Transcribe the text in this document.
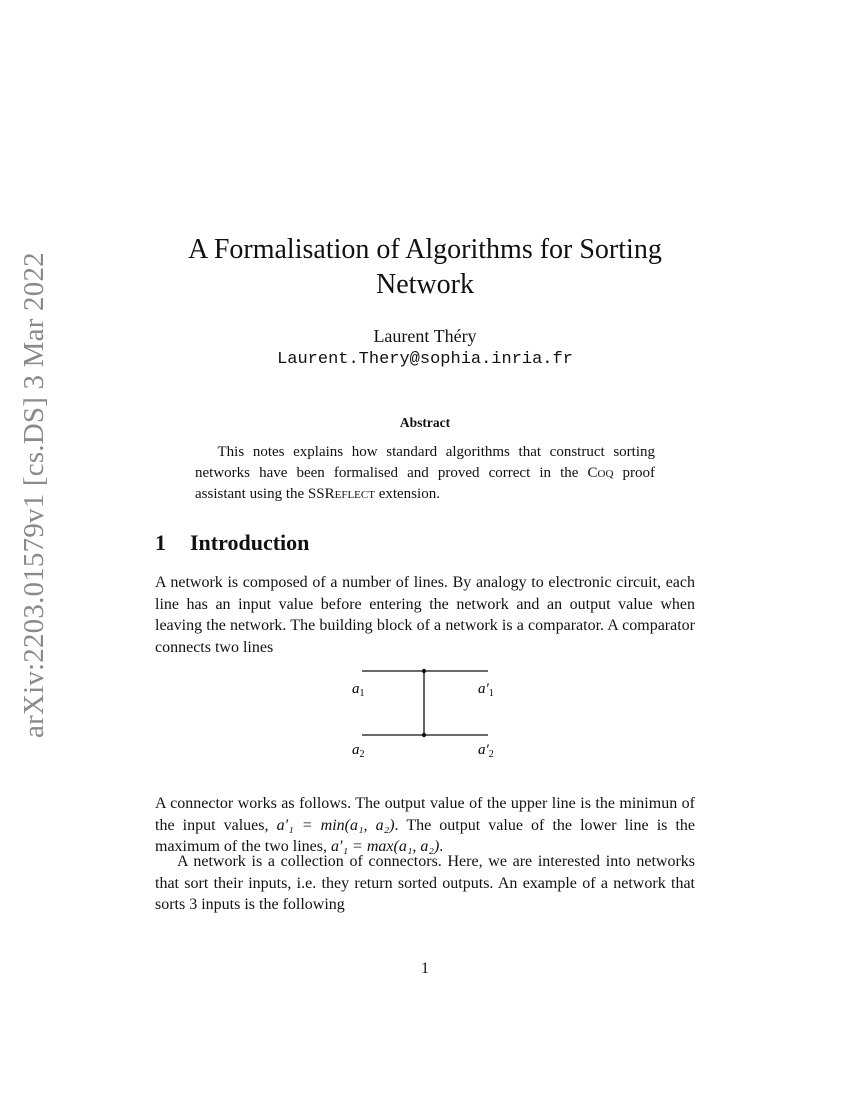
arXiv:2203.01579v1 [cs.DS] 3 Mar 2022
A Formalisation of Algorithms for Sorting Network
Laurent Théry
Laurent.Thery@sophia.inria.fr
Abstract
  This notes explains how standard algorithms that construct sorting networks have been formalised and proved correct in the Coq proof assistant using the SSReflect extension.
1 Introduction
A network is composed of a number of lines. By analogy to electronic circuit, each line has an input value before entering the network and an output value when leaving the network. The building block of a network is a comparator. A comparator connects two lines
$a_1$	$a'_1$
$a_2$	$a'_2$
A connector works as follows. The output value of the upper line is the minimun of the input values, a′₁ = min(a₁, a₂). The output value of the lower line is the maximum of the two lines, a′₁ = max(a₁, a₂).
A network is a collection of connectors. Here, we are interested into networks that sort their inputs, i.e. they return sorted outputs. An example of a network that sorts 3 inputs is the following
1
